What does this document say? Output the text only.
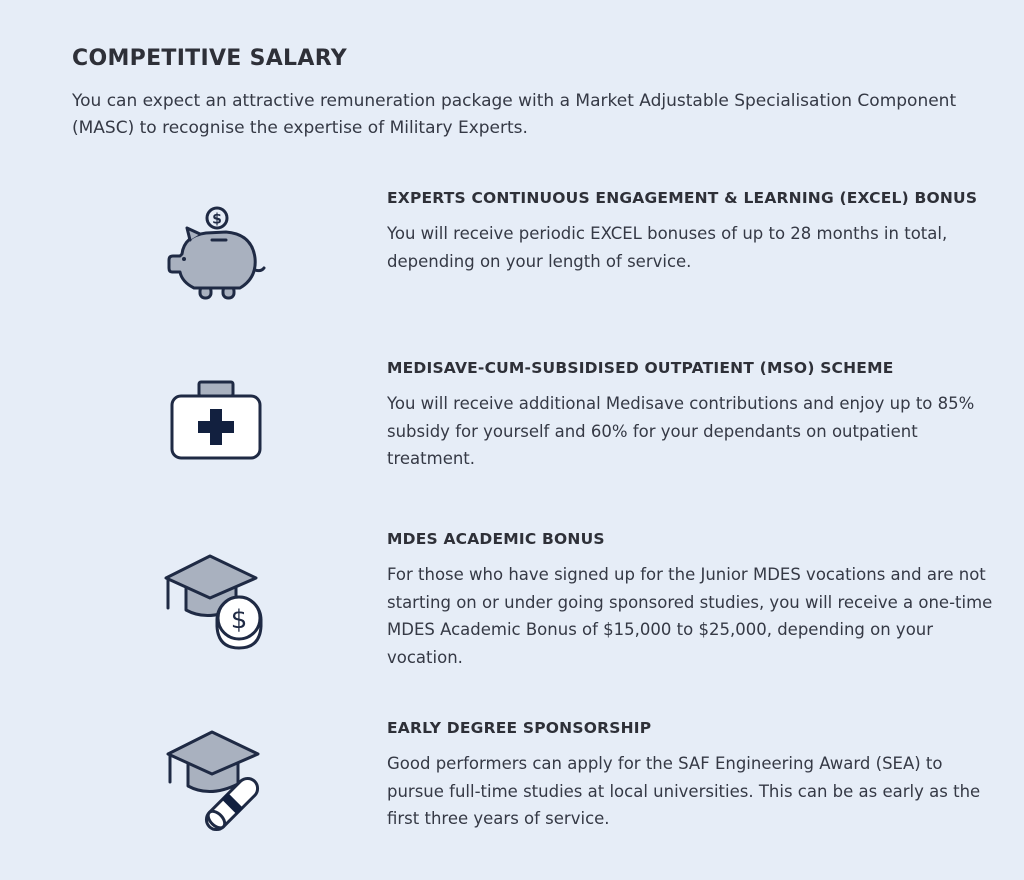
COMPETITIVE SALARY

You can expect an attractive remuneration package with a Market Adjustable Specialisation Component (MASC) to recognise the expertise of Military Experts.

$
EXPERTS CONTINUOUS ENGAGEMENT & LEARNING (EXCEL) BONUS

You will receive periodic EXCEL bonuses of up to 28 months in total, depending on your length of service.

MEDISAVE-CUM-SUBSIDISED OUTPATIENT (MSO) SCHEME

You will receive additional Medisave contributions and enjoy up to 85% subsidy for yourself and 60% for your dependants on outpatient treatment.

$
MDES ACADEMIC BONUS

For those who have signed up for the Junior MDES vocations and are not starting on or under going sponsored studies, you will receive a one-time MDES Academic Bonus of $15,000 to $25,000, depending on your vocation.

EARLY DEGREE SPONSORSHIP

Good performers can apply for the SAF Engineering Award (SEA) to pursue full-time studies at local universities. This can be as early as the first three years of service.
